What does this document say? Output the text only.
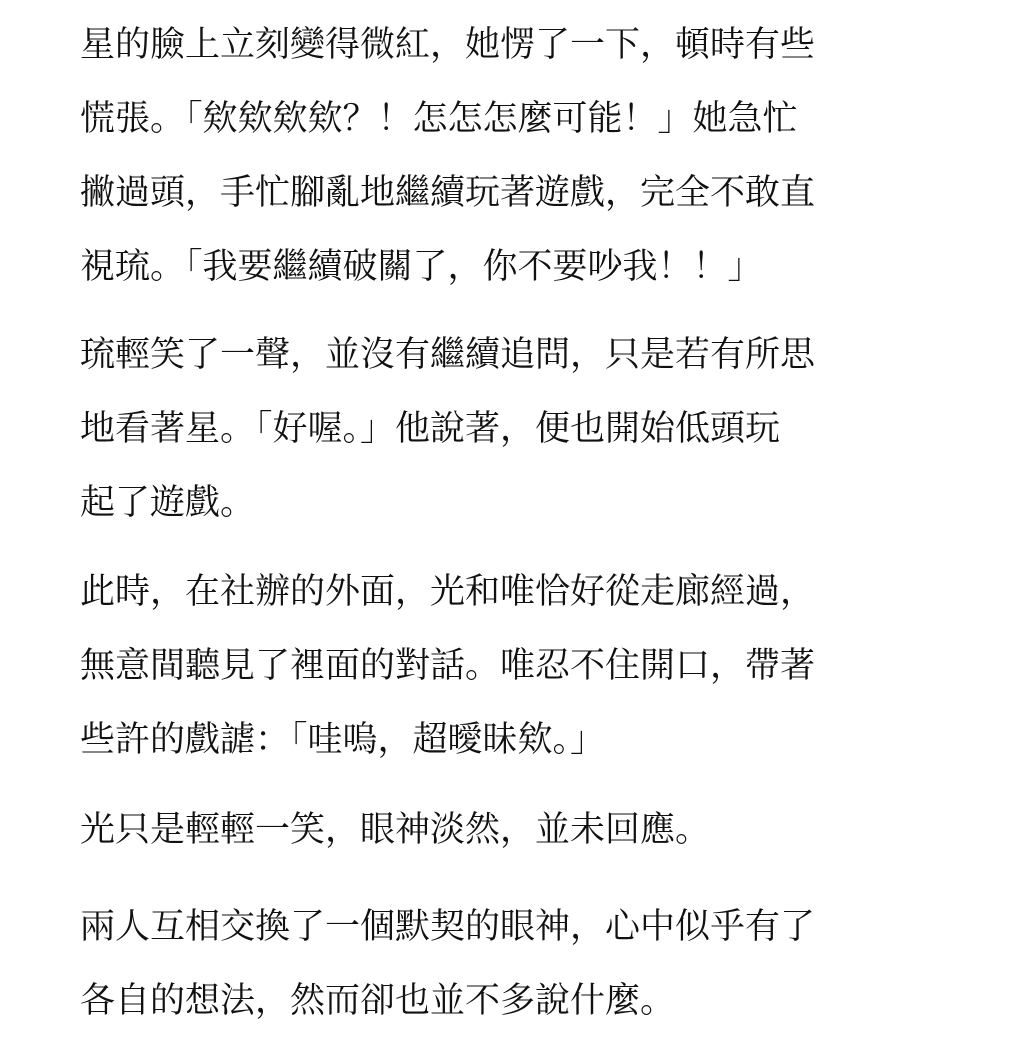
星的臉上立刻變得微紅，她愣了一下，頓時有些
慌張。「欸欸欸欸？！怎怎怎麼可能！」她急忙
撇過頭，手忙腳亂地繼續玩著遊戲，完全不敢直
視琉。「我要繼續破關了，你不要吵我！！」
琉輕笑了一聲，並沒有繼續追問，只是若有所思
地看著星。「好喔。」他說著，便也開始低頭玩
起了遊戲。
此時，在社辦的外面，光和唯恰好從走廊經過，
無意間聽見了裡面的對話。唯忍不住開口，帶著
些許的戲謔：「哇嗚，超曖昧欸。」
光只是輕輕一笑，眼神淡然，並未回應。
兩人互相交換了一個默契的眼神，心中似乎有了
各自的想法，然而卻也並不多說什麼。
